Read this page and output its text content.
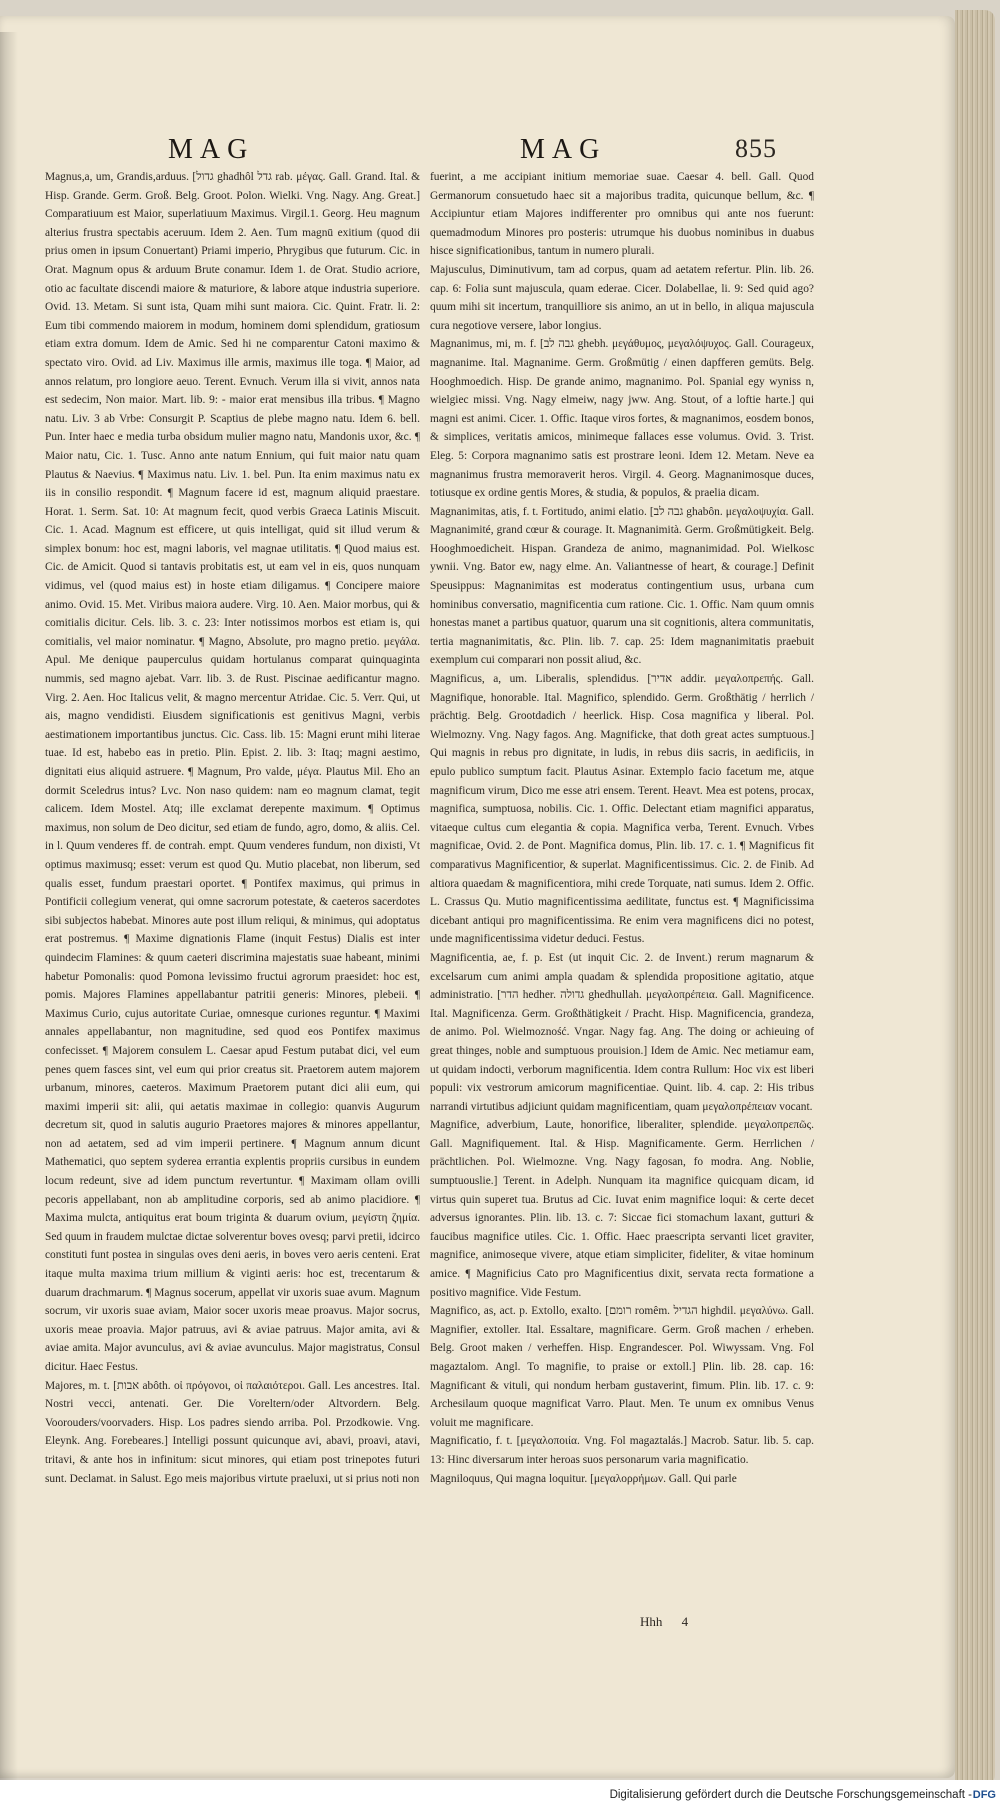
MAG	MAG	855

Magnus,a, um, Grandis,arduus. [גדול ghadhôl גדל rab. μέγας. Gall. Grand. Ital. & Hisp. Grande. Germ. Groß. Belg. Groot. Polon. Wielki. Vng. Nagy. Ang. Great.] Comparatiuum est Maior, superlatiuum Maximus. Virgil.1. Georg. Heu magnum alterius frustra spectabis aceruum. Idem 2. Aen. Tum magnū exitium (quod dii prius omen in ipsum Conuertant) Priami imperio, Phrygibus que futurum. Cic. in Orat. Magnum opus & arduum Brute conamur. Idem 1. de Orat. Studio acriore, otio ac facultate discendi maiore & maturiore, & labore atque industria superiore. Ovid. 13. Metam. Si sunt ista, Quam mihi sunt maiora. Cic. Quint. Fratr. li. 2: Eum tibi commendo maiorem in modum, hominem domi splendidum, gratiosum etiam extra domum. Idem de Amic. Sed hi ne comparentur Catoni maximo & spectato viro. Ovid. ad Liv. Maximus ille armis, maximus ille toga. ¶ Maior, ad annos relatum, pro longiore aeuo. Terent. Evnuch. Verum illa si vivit, annos nata est sedecim, Non maior. Mart. lib. 9: - maior erat mensibus illa tribus. ¶ Magno natu. Liv. 3 ab Vrbe: Consurgit P. Scaptius de plebe magno natu. Idem 6. bell. Pun. Inter haec e media turba obsidum mulier magno natu, Mandonis uxor, &c. ¶ Maior natu, Cic. 1. Tusc. Anno ante natum Ennium, qui fuit maior natu quam Plautus & Naevius. ¶ Maximus natu. Liv. 1. bel. Pun. Ita enim maximus natu ex iis in consilio respondit. ¶ Magnum facere id est, magnum aliquid praestare. Horat. 1. Serm. Sat. 10: At magnum fecit, quod verbis Graeca Latinis Miscuit. Cic. 1. Acad. Magnum est efficere, ut quis intelligat, quid sit illud verum & simplex bonum: hoc est, magni laboris, vel magnae utilitatis. ¶ Quod maius est. Cic. de Amicit. Quod si tantavis probitatis est, ut eam vel in eis, quos nunquam vidimus, vel (quod maius est) in hoste etiam diligamus. ¶ Concipere maiore animo. Ovid. 15. Met. Viribus maiora audere. Virg. 10. Aen. Maior morbus, qui & comitialis dicitur. Cels. lib. 3. c. 23: Inter notissimos morbos est etiam is, qui comitialis, vel maior nominatur. ¶ Magno, Absolute, pro magno pretio. μεγάλα. Apul. Me denique pauperculus quidam hortulanus comparat quinquaginta nummis, sed magno ajebat. Varr. lib. 3. de Rust. Piscinae aedificantur magno. Virg. 2. Aen. Hoc Italicus velit, & magno mercentur Atridae. Cic. 5. Verr. Qui, ut ais, magno vendidisti. Eiusdem significationis est genitivus Magni, verbis aestimationem importantibus junctus. Cic. Cass. lib. 15: Magni erunt mihi literae tuae. Id est, habebo eas in pretio. Plin. Epist. 2. lib. 3: Itaq; magni aestimo, dignitati eius aliquid astruere. ¶ Magnum, Pro valde, μέγα. Plautus Mil. Eho an dormit Sceledrus intus? Lvc. Non naso quidem: nam eo magnum clamat, tegit calicem. Idem Mostel. Atq; ille exclamat derepente maximum. ¶ Optimus maximus, non solum de Deo dicitur, sed etiam de fundo, agro, domo, & aliis. Cel. in l. Quum venderes ff. de contrah. empt. Quum venderes fundum, non dixisti, Vt optimus maximusq; esset: verum est quod Qu. Mutio placebat, non liberum, sed qualis esset, fundum praestari oportet. ¶ Pontifex maximus, qui primus in Pontificii collegium venerat, qui omne sacrorum potestate, & caeteros sacerdotes sibi subjectos habebat. Minores aute post illum reliqui, & minimus, qui adoptatus erat postremus. ¶ Maxime dignationis Flame (inquit Festus) Dialis est inter quindecim Flamines: & quum caeteri discrimina majestatis suae habeant, minimi habetur Pomonalis: quod Pomona levissimo fructui agrorum praesidet: hoc est, pomis. Majores Flamines appellabantur patritii generis: Minores, plebeii. ¶ Maximus Curio, cujus autoritate Curiae, omnesque curiones reguntur. ¶ Maximi annales appellabantur, non magnitudine, sed quod eos Pontifex maximus confecisset. ¶ Majorem consulem L. Caesar apud Festum putabat dici, vel eum penes quem fasces sint, vel eum qui prior creatus sit. Praetorem autem majorem urbanum, minores, caeteros. Maximum Praetorem putant dici alii eum, qui maximi imperii sit: alii, qui aetatis maximae in collegio: quanvis Augurum decretum sit, quod in salutis augurio Praetores majores & minores appellantur, non ad aetatem, sed ad vim imperii pertinere. ¶ Magnum annum dicunt Mathematici, quo septem syderea errantia explentis propriis cursibus in eundem locum redeunt, sive ad idem punctum revertuntur. ¶ Maximam ollam ovilli pecoris appellabant, non ab amplitudine corporis, sed ab animo placidiore. ¶ Maxima mulcta, antiquitus erat boum triginta & duarum ovium, μεγίστη ζημία. Sed quum in fraudem mulctae dictae solverentur boves ovesq; parvi pretii, idcirco constituti funt postea in singulas oves deni aeris, in boves vero aeris centeni. Erat itaque multa maxima trium millium & viginti aeris: hoc est, trecentarum & duarum drachmarum. ¶ Magnus socerum, appellat vir uxoris suae avum. Magnum socrum, vir uxoris suae aviam, Maior socer uxoris meae proavus. Major socrus, uxoris meae proavia. Major patruus, avi & aviae patruus. Major amita, avi & aviae amita. Major avunculus, avi & aviae avunculus. Major magistratus, Consul dicitur. Haec Festus.

Majores, m. t. [אבות abôth. οἱ πρόγονοι, οἱ παλαιότεροι. Gall. Les ancestres. Ital. Nostri vecci, antenati. Ger. Die Voreltern/oder Altvordern. Belg. Voorouders/voorvaders. Hisp. Los padres siendo arriba. Pol. Przodkowie. Vng. Eleynk. Ang. Forebeares.] Intelligi possunt quicunque avi, abavi, proavi, atavi, tritavi, & ante hos in infinitum: sicut minores, qui etiam post trinepotes futuri sunt. Declamat. in Salust. Ego meis majoribus virtute praeluxi, ut si prius noti non

fuerint, a me accipiant initium memoriae suae. Caesar 4. bell. Gall. Quod Germanorum consuetudo haec sit a majoribus tradita, quicunque bellum, &c. ¶ Accipiuntur etiam Majores indifferenter pro omnibus qui ante nos fuerunt: quemadmodum Minores pro posteris: utrumque his duobus nominibus in duabus hisce significationibus, tantum in numero plurali.

Majusculus, Diminutivum, tam ad corpus, quam ad aetatem refertur. Plin. lib. 26. cap. 6: Folia sunt majuscula, quam ederae. Cicer. Dolabellae, li. 9: Sed quid ago? quum mihi sit incertum, tranquilliore sis animo, an ut in bello, in aliqua majuscula cura negotiove versere, labor longius.

Magnanimus, mi, m. f. [גבה לב ghebh. μεγάθυμος, μεγαλόψυχος. Gall. Courageux, magnanime. Ital. Magnanime. Germ. Großmütig / einen dapfferen gemüts. Belg. Hooghmoedich. Hisp. De grande animo, magnanimo. Pol. Spanial egy wyniss n, wielgiec missi. Vng. Nagy elmeiw, nagy jww. Ang. Stout, of a loftie harte.] qui magni est animi. Cicer. 1. Offic. Itaque viros fortes, & magnanimos, eosdem bonos, & simplices, veritatis amicos, minimeque fallaces esse volumus. Ovid. 3. Trist. Eleg. 5: Corpora magnanimo satis est prostrare leoni. Idem 12. Metam. Neve ea magnanimus frustra memoraverit heros. Virgil. 4. Georg. Magnanimosque duces, totiusque ex ordine gentis Mores, & studia, & populos, & praelia dicam.

Magnanimitas, atis, f. t. Fortitudo, animi elatio. [גבה לב ghabôn. μεγαλοψυχία. Gall. Magnanimité, grand cœur & courage. It. Magnanimità. Germ. Großmütigkeit. Belg. Hooghmoedicheit. Hispan. Grandeza de animo, magnanimidad. Pol. Wielkosc ywnii. Vng. Bator ew, nagy elme. An. Valiantnesse of heart, & courage.] Definit Speusippus: Magnanimitas est moderatus contingentium usus, urbana cum hominibus conversatio, magnificentia cum ratione. Cic. 1. Offic. Nam quum omnis honestas manet a partibus quatuor, quarum una sit cognitionis, altera communitatis, tertia magnanimitatis, &c. Plin. lib. 7. cap. 25: Idem magnanimitatis praebuit exemplum cui comparari non possit aliud, &c.

Magnificus, a, um. Liberalis, splendidus. [אדיר addir. μεγαλοπρεπής. Gall. Magnifique, honorable. Ital. Magnifico, splendido. Germ. Großthätig / herrlich / prächtig. Belg. Grootdadich / heerlick. Hisp. Cosa magnifica y liberal. Pol. Wielmozny. Vng. Nagy fagos. Ang. Magnificke, that doth great actes sumptuous.] Qui magnis in rebus pro dignitate, in ludis, in rebus diis sacris, in aedificiis, in epulo publico sumptum facit. Plautus Asinar. Extemplo facio facetum me, atque magnificum virum, Dico me esse atri ensem. Terent. Heavt. Mea est potens, procax, magnifica, sumptuosa, nobilis. Cic. 1. Offic. Delectant etiam magnifici apparatus, vitaeque cultus cum elegantia & copia. Magnifica verba, Terent. Evnuch. Vrbes magnificae, Ovid. 2. de Pont. Magnifica domus, Plin. lib. 17. c. 1. ¶ Magnificus fit comparativus Magnificentior, & superlat. Magnificentissimus. Cic. 2. de Finib. Ad altiora quaedam & magnificentiora, mihi crede Torquate, nati sumus. Idem 2. Offic. L. Crassus Qu. Mutio magnificentissima aedilitate, functus est. ¶ Magnificissima dicebant antiqui pro magnificentissima. Re enim vera magnificens dici no potest, unde magnificentissima videtur deduci. Festus.

Magnificentia, ae, f. p. Est (ut inquit Cic. 2. de Invent.) rerum magnarum & excelsarum cum animi ampla quadam & splendida propositione agitatio, atque administratio. [הדר hedher. גדולה ghedhullah. μεγαλοπρέπεια. Gall. Magnificence. Ital. Magnificenza. Germ. Großthätigkeit / Pracht. Hisp. Magnificencia, grandeza, de animo. Pol. Wielmozność. Vngar. Nagy fag. Ang. The doing or achieuing of great thinges, noble and sumptuous prouision.] Idem de Amic. Nec metiamur eam, ut quidam indocti, verborum magnificentia. Idem contra Rullum: Hoc vix est liberi populi: vix vestrorum amicorum magnificentiae. Quint. lib. 4. cap. 2: His tribus narrandi virtutibus adjiciunt quidam magnificentiam, quam μεγαλοπρέπειαν vocant.

Magnifice, adverbium, Laute, honorifice, liberaliter, splendide. μεγαλοπρεπῶς. Gall. Magnifiquement. Ital. & Hisp. Magnificamente. Germ. Herrlichen / prächtlichen. Pol. Wielmozne. Vng. Nagy fagosan, fo modra. Ang. Noblie, sumptuouslie.] Terent. in Adelph. Nunquam ita magnifice quicquam dicam, id virtus quin superet tua. Brutus ad Cic. Iuvat enim magnifice loqui: & certe decet adversus ignorantes. Plin. lib. 13. c. 7: Siccae fici stomachum laxant, gutturi & faucibus magnifice utiles. Cic. 1. Offic. Haec praescripta servanti licet graviter, magnifice, animoseque vivere, atque etiam simpliciter, fideliter, & vitae hominum amice. ¶ Magnificius Cato pro Magnificentius dixit, servata recta formatione a positivo magnifice. Vide Festum.

Magnifico, as, act. p. Extollo, exalto. [רומם romêm. הגדיל highdil. μεγαλύνω. Gall. Magnifier, extoller. Ital. Essaltare, magnificare. Germ. Groß machen / erheben. Belg. Groot maken / verheffen. Hisp. Engrandescer. Pol. Wiwyssam. Vng. Fol magaztalom. Angl. To magnifie, to praise or extoll.] Plin. lib. 28. cap. 16: Magnificant & vituli, qui nondum herbam gustaverint, fimum. Plin. lib. 17. c. 9: Archesilaum quoque magnificat Varro. Plaut. Men. Te unum ex omnibus Venus voluit me magnificare.

Magnificatio, f. t. [μεγαλοποιία. Vng. Fol magaztalás.] Macrob. Satur. lib. 5. cap. 13: Hinc diversarum inter heroas suos personarum varia magnificatio.

Magniloquus, Qui magna loquitur. [μεγαλορρήμων. Gall. Qui parle

Hhh 4
Digitalisierung gefördert durch die Deutsche Forschungsgemeinschaft - DFG
